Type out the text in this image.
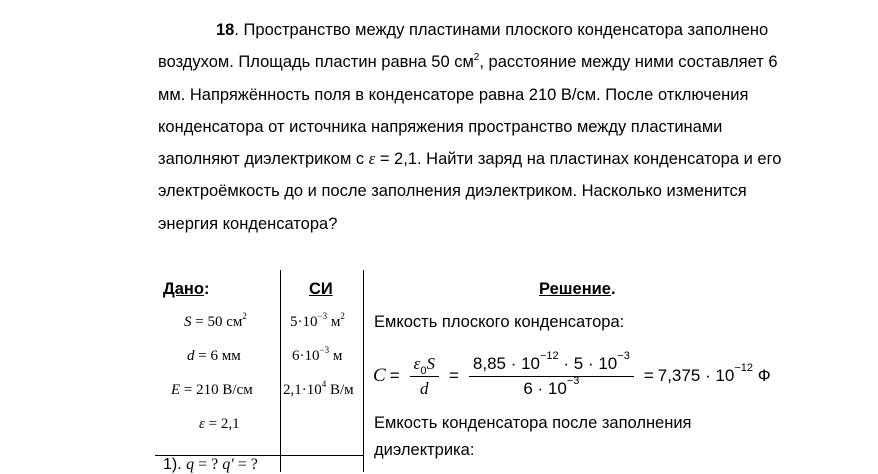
18. Пространство между пластинами плоского конденсатора заполнено воздухом. Площадь пластин равна 50 $см^2$, расстояние между ними составляет 6 мм. Напряжённость поля в конденсаторе равна 210 В/см. После отключения конденсатора от источника напряжения пространство между пластинами заполняют диэлектриком с ε = 2,1. Найти заряд на пластинах конденсатора и его электроёмкость до и после заполнения диэлектриком. Насколько изменится энергия конденсатора?
Дано:	СИ	Решение.
S = 50 $см^2$
d = 6 мм
E = 210 В/см
ε = 2,1
1). q = ? q′ = ?
$5\cdot 10^{-3}$ $м^2$
$6\cdot 10^{-3}$ м
$2,1\cdot 10^4$ В/м
Емкость плоского конденсатора:
$C = \frac{\varepsilon_0S}{d} = \frac{8,85 \cdot 10^{-12} \cdot 5 \cdot 10^{-3}}{6 \cdot 10^{-3}} = 7,375 \cdot 10^{-12}$ Ф
Емкость конденсатора после заполнения
диэлектрика:
